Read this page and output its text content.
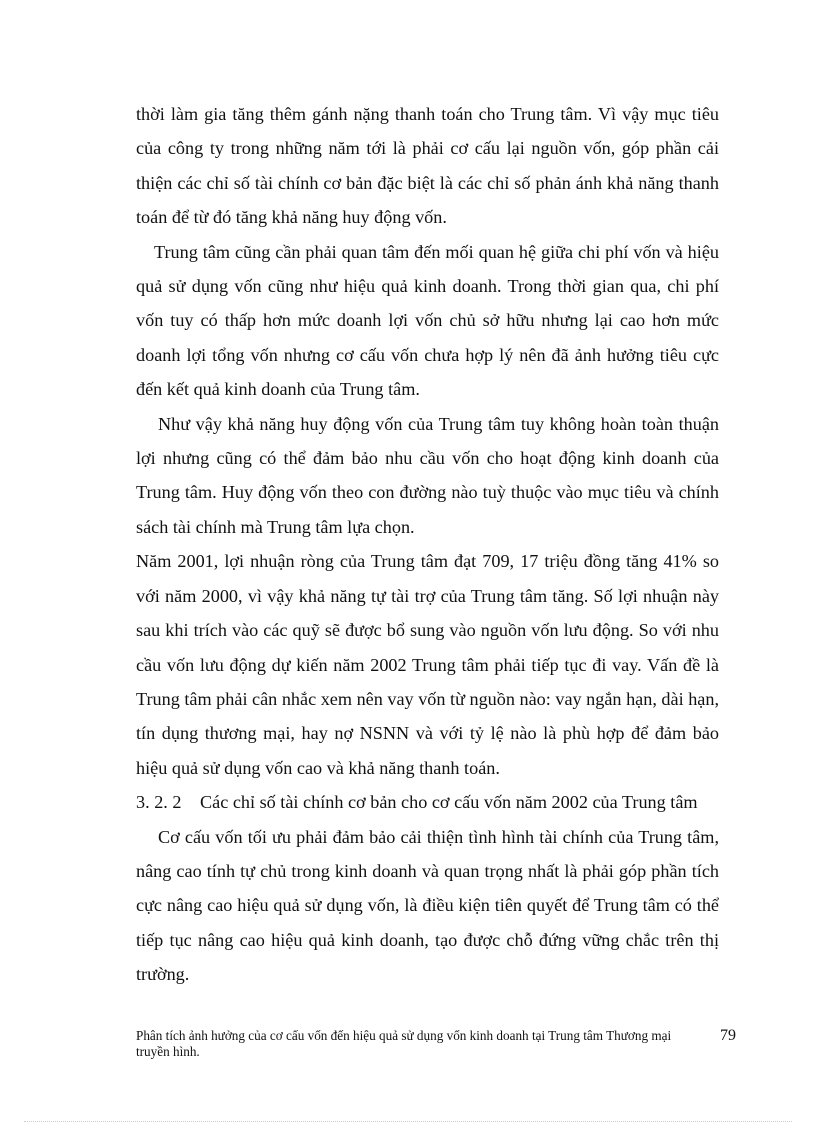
thời làm gia tăng thêm gánh nặng thanh toán cho Trung tâm. Vì vậy mục tiêu của công ty trong những năm tới là phải cơ cấu lại nguồn vốn, góp phần cải thiện các chỉ số tài chính cơ bản đặc biệt là các chỉ số phản ánh khả năng thanh toán để từ đó tăng khả năng huy động vốn.

Trung tâm cũng cần phải quan tâm đến mối quan hệ giữa chi phí vốn và hiệu quả sử dụng vốn cũng như hiệu quả kinh doanh. Trong thời gian qua, chi phí vốn tuy có thấp hơn mức doanh lợi vốn chủ sở hữu nhưng lại cao hơn mức doanh lợi tổng vốn nhưng cơ cấu vốn chưa hợp lý nên đã ảnh hưởng tiêu cực đến kết quả kinh doanh của Trung tâm.

Như vậy khả năng huy động vốn của Trung tâm tuy không hoàn toàn thuận lợi nhưng cũng có thể đảm bảo nhu cầu vốn cho hoạt động kinh doanh của Trung tâm. Huy động vốn theo con đường nào tuỳ thuộc vào mục tiêu và chính sách tài chính mà Trung tâm lựa chọn.

Năm 2001, lợi nhuận ròng của Trung tâm đạt 709, 17 triệu đồng tăng 41% so với năm 2000, vì vậy khả năng tự tài trợ của Trung tâm tăng. Số lợi nhuận này sau khi trích vào các quỹ sẽ được bổ sung vào nguồn vốn lưu động. So với nhu cầu vốn lưu động dự kiến năm 2002 Trung tâm phải tiếp tục đi vay. Vấn đề là Trung tâm phải cân nhắc xem nên vay vốn từ nguồn nào: vay ngắn hạn, dài hạn, tín dụng thương mại, hay nợ NSNN và với tỷ lệ nào là phù hợp để đảm bảo hiệu quả sử dụng vốn cao và khả năng thanh toán.

3. 2. 2 Các chỉ số tài chính cơ bản cho cơ cấu vốn năm 2002 của Trung tâm

Cơ cấu vốn tối ưu phải đảm bảo cải thiện tình hình tài chính của Trung tâm, nâng cao tính tự chủ trong kinh doanh và quan trọng nhất là phải góp phần tích cực nâng cao hiệu quả sử dụng vốn, là điều kiện tiên quyết để Trung tâm có thể tiếp tục nâng cao hiệu quả kinh doanh, tạo được chỗ đứng vững chắc trên thị trường.

Phân tích ảnh hưởng của cơ cấu vốn đến hiệu quả sử dụng vốn kinh doanh tại Trung tâm Thương mại truyền hình.
79
